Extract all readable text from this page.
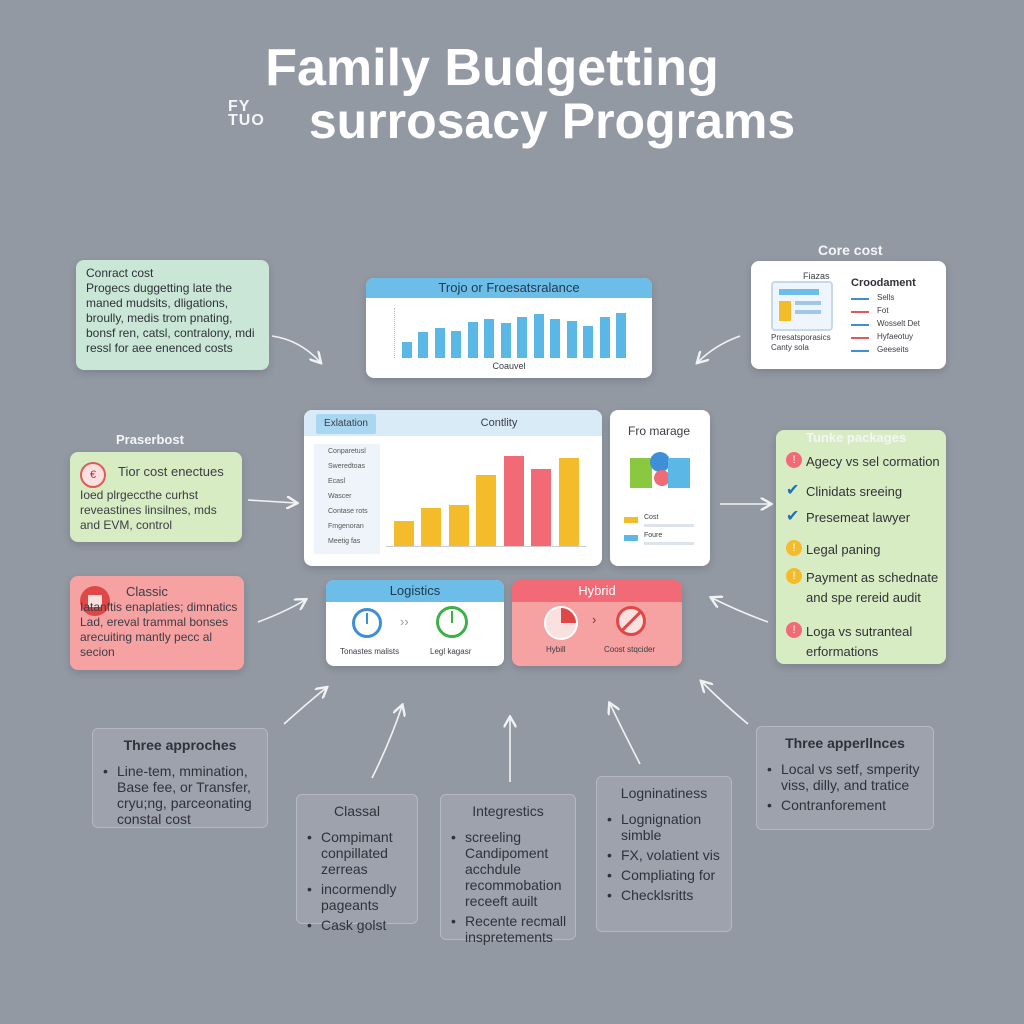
Family Budgetting
FY TUO surrosacy Programs
Conract cost
Progecs duggetting late the maned mudsits, dligations, broully, medis trom pnating, bonsf ren, catsl, contralony, mdi ressl for aee enenced costs
Trojo or Froesatsralance
Coauvel
Core cost
Fiazas
Prresatsporasics Canty sola
Croodament
Sells
Fot
Wosselt Det
Hyfaeotuy
Geeseits
Praserbost
€	Tior cost enectues
Ioed plrgeccthe curhst reveastines linsilnes, mds and EVM, control
Exlatation	Contlity
Conparetusl
Sweredtoas
Ecasl
Wascer
Contase rots
Fmgenoran
Meetig fas
Fro marage
Cost
Foure
Tunke packages
! Agecy vs sel cormation
✔ Clinidats sreeing
✔ Presemeat lawyer
! Legal paning
! Payment as schednate and spe rereid audit
! Loga vs sutranteal erformations
Classic
Iatanftis enaplaties; dimnatics Lad, ereval trammal bonses arecuiting mantly pecc al secion
Logistics
››
Tonastes malists	Legl kagasr
Hybrid
›
Hybill	Coost stqcider
Three approches
• Line-tem, mmination, Base fee, or Transfer, cryu;ng, parceonating constal cost	Classal
• Compimant conpillated zerreas
• incormendly pageants
• Cask golst
Integrestics
• screeling Candipoment acchdule recommobation receeft auilt
• Recente recmall inspretements
Logninatiness
• Lognignation simble
• FX, volatient vis
• Compliating for
• Checklsritts
Three apperllnces
• Local vs setf, smperity viss, dilly, and tratice
• Contranforement
